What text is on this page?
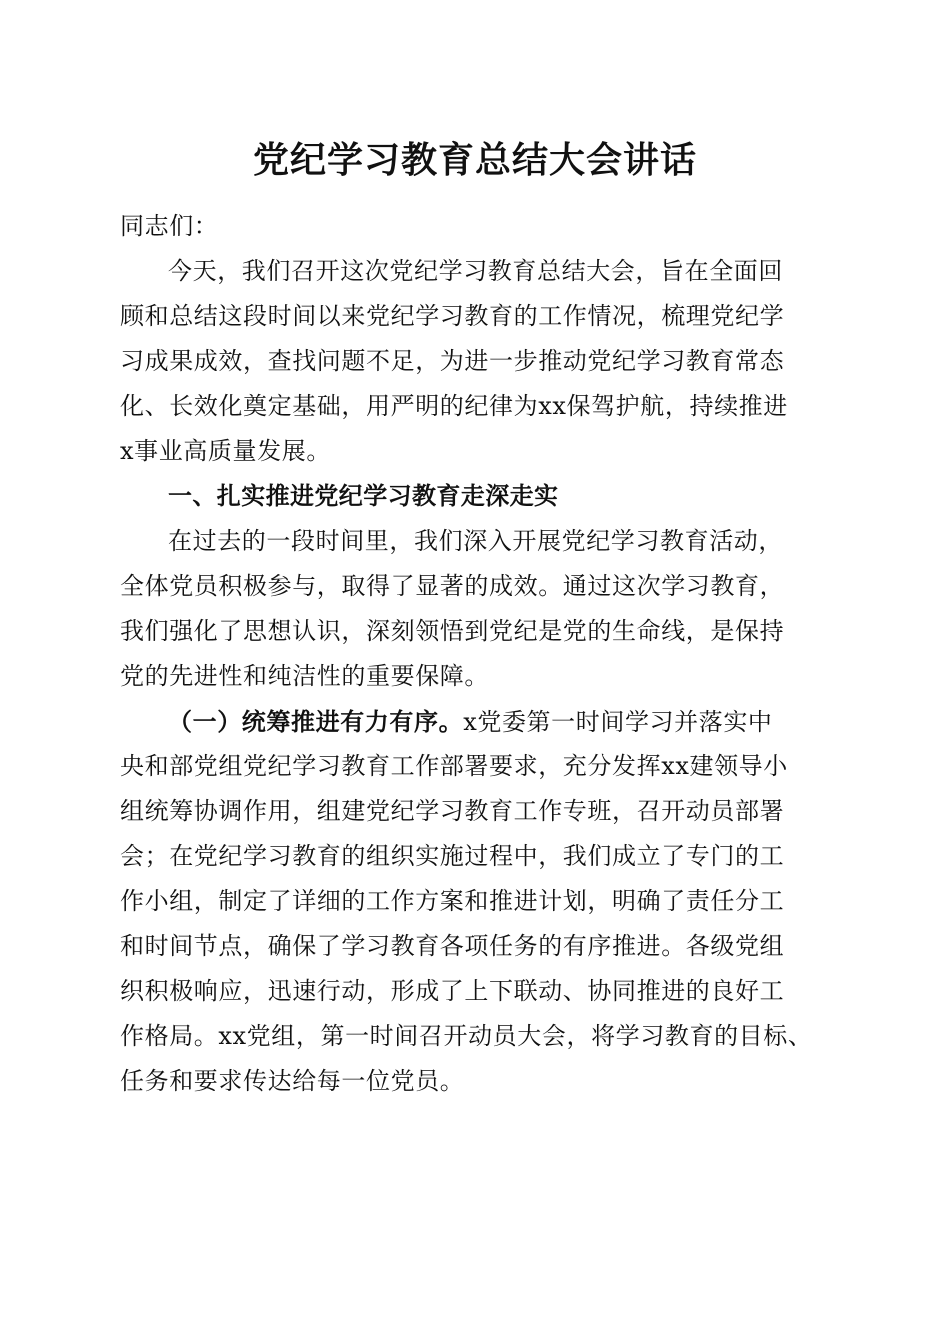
党纪学习教育总结大会讲话
同志们：
今天，我们召开这次党纪学习教育总结大会，旨在全面回
顾和总结这段时间以来党纪学习教育的工作情况，梳理党纪学
习成果成效，查找问题不足，为进一步推动党纪学习教育常态
化、长效化奠定基础，用严明的纪律为xx保驾护航，持续推进
x事业高质量发展。
一、扎实推进党纪学习教育走深走实
在过去的一段时间里，我们深入开展党纪学习教育活动，
全体党员积极参与，取得了显著的成效。通过这次学习教育，
我们强化了思想认识，深刻领悟到党纪是党的生命线，是保持
党的先进性和纯洁性的重要保障。
（一）统筹推进有力有序。x党委第一时间学习并落实中
央和部党组党纪学习教育工作部署要求，充分发挥xx建领导小
组统筹协调作用，组建党纪学习教育工作专班，召开动员部署
会；在党纪学习教育的组织实施过程中，我们成立了专门的工
作小组，制定了详细的工作方案和推进计划，明确了责任分工
和时间节点，确保了学习教育各项任务的有序推进。各级党组
织积极响应，迅速行动，形成了上下联动、协同推进的良好工
作格局。xx党组，第一时间召开动员大会，将学习教育的目标、
任务和要求传达给每一位党员。
